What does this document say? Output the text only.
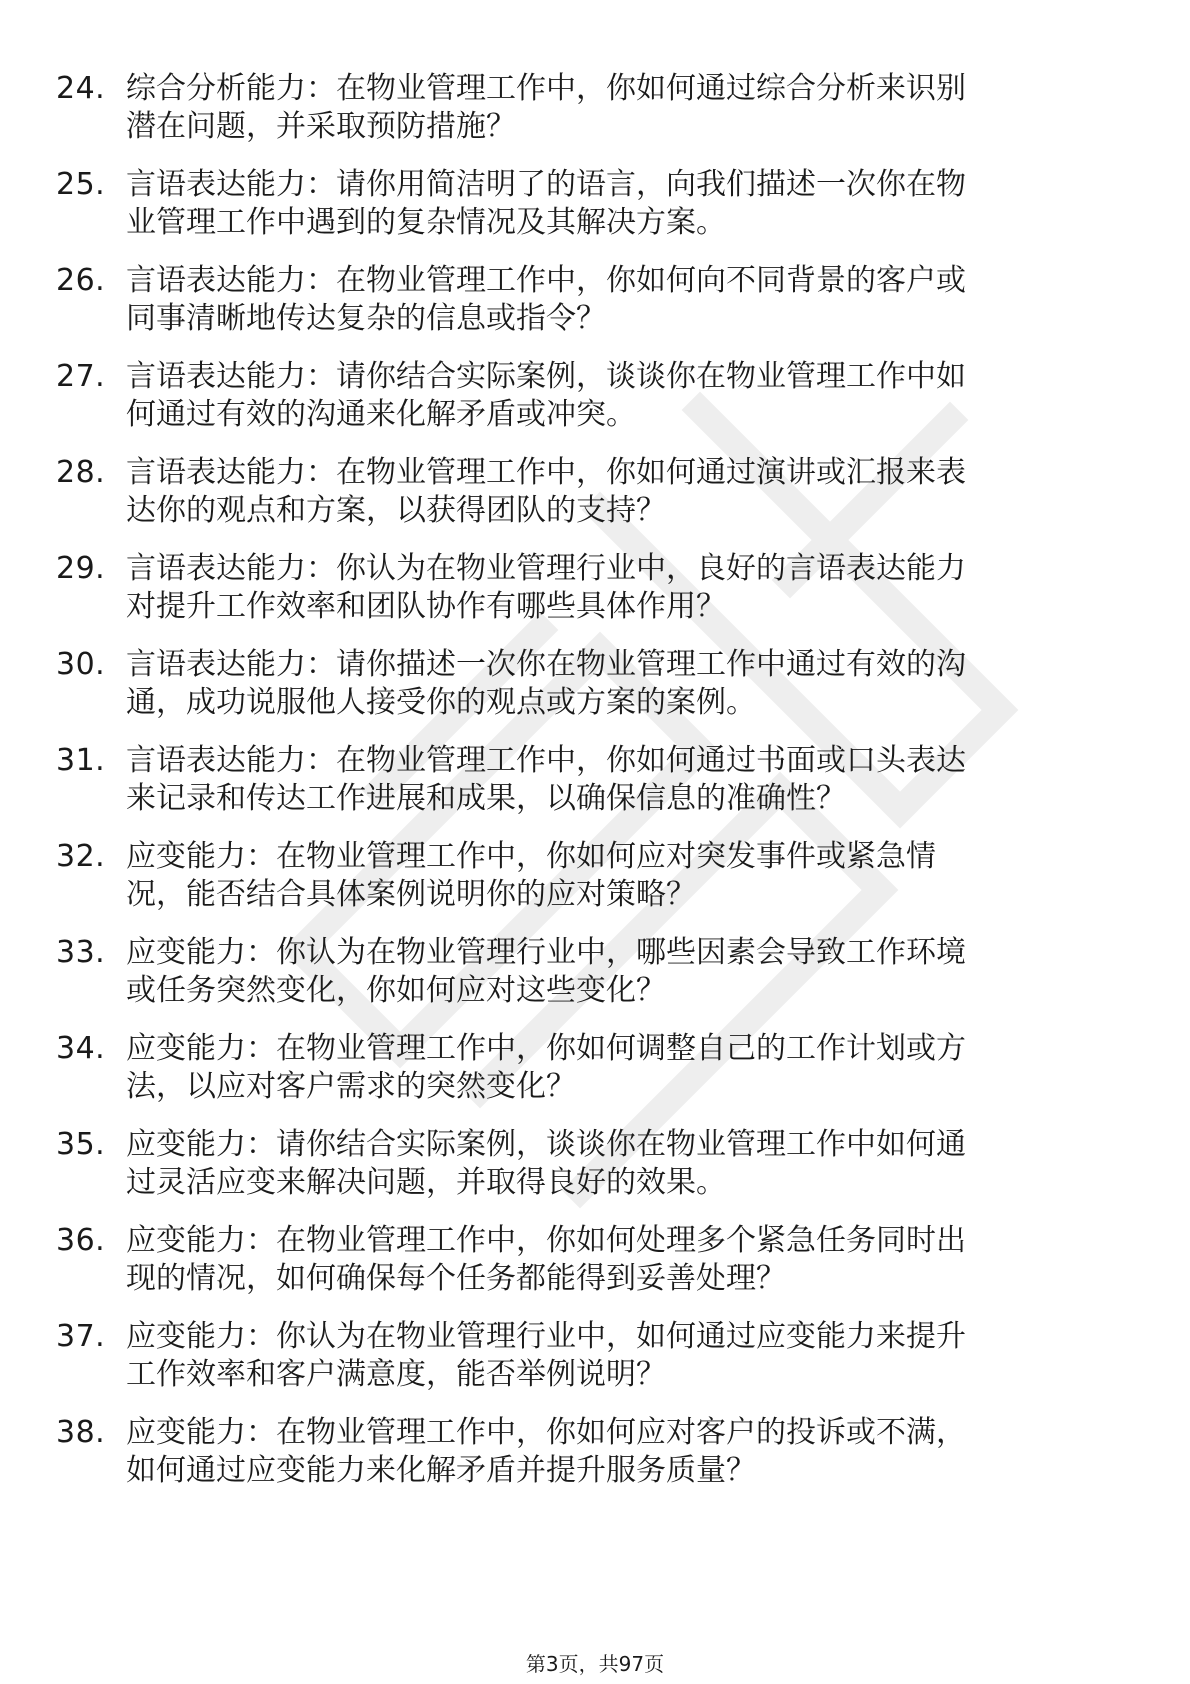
24. 综合分析能力：在物业管理工作中，你如何通过综合分析来识别
潜在问题，并采取预防措施？
25. 言语表达能力：请你用简洁明了的语言，向我们描述一次你在物
业管理工作中遇到的复杂情况及其解决方案。
26. 言语表达能力：在物业管理工作中，你如何向不同背景的客户或
同事清晰地传达复杂的信息或指令？
27. 言语表达能力：请你结合实际案例，谈谈你在物业管理工作中如
何通过有效的沟通来化解矛盾或冲突。
28. 言语表达能力：在物业管理工作中，你如何通过演讲或汇报来表
达你的观点和方案，以获得团队的支持？
29. 言语表达能力：你认为在物业管理行业中，良好的言语表达能力
对提升工作效率和团队协作有哪些具体作用？
30. 言语表达能力：请你描述一次你在物业管理工作中通过有效的沟
通，成功说服他人接受你的观点或方案的案例。
31. 言语表达能力：在物业管理工作中，你如何通过书面或口头表达
来记录和传达工作进展和成果，以确保信息的准确性？
32. 应变能力：在物业管理工作中，你如何应对突发事件或紧急情
况，能否结合具体案例说明你的应对策略？
33. 应变能力：你认为在物业管理行业中，哪些因素会导致工作环境
或任务突然变化，你如何应对这些变化？
34. 应变能力：在物业管理工作中，你如何调整自己的工作计划或方
法，以应对客户需求的突然变化？
35. 应变能力：请你结合实际案例，谈谈你在物业管理工作中如何通
过灵活应变来解决问题，并取得良好的效果。
36. 应变能力：在物业管理工作中，你如何处理多个紧急任务同时出
现的情况，如何确保每个任务都能得到妥善处理？
37. 应变能力：你认为在物业管理行业中，如何通过应变能力来提升
工作效率和客户满意度，能否举例说明？
38. 应变能力：在物业管理工作中，你如何应对客户的投诉或不满，
如何通过应变能力来化解矛盾并提升服务质量？
第3页，共97页
